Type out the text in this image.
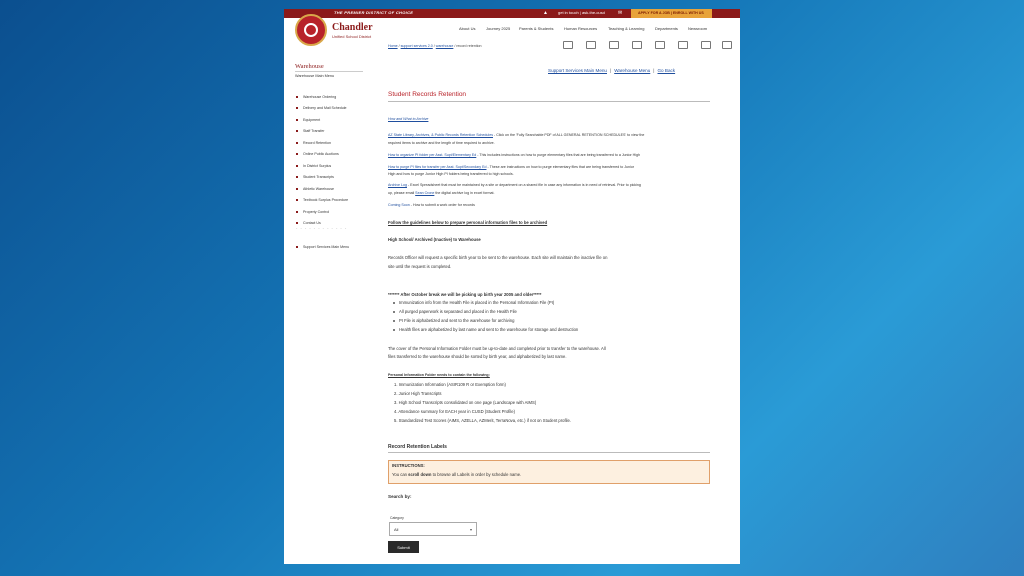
THE PREMIER DISTRICT OF CHOICE	▲	get in touch | ask-the-cusd	✉	APPLY FOR A JOB | ENROLL WITH US
Chandler
Unified School District
About Us	Journey 2025 Parents & Students	Human Resources	Teaching & Learning	Departments	Newsroom
Home / support services 2.0 / warehouse / record retention
Warehouse
Warehouse Main Menu
Warehouse Ordering
Delivery and Mail Schedule
Equipment
Staff Transfer
Record Retention
Online Public Auctions
In District Surplus
Student Transcripts
Athletic Warehouse
Textbook Surplus Procedure
Property Control
Contact Us
- - - - - - - - - - - -
Support Services Main Menu
Support Services Main Menu | Warehouse Menu | Go Back
Student Records Retention
How and What to Archive
AZ State Library, Archives, & Public Records Retention Schedules - Click on the 'Fully Searchable PDF of ALL GENERAL RETENTION SCHEDULES' to view the
required items to archive and the length of time required to archive.
How to organize PI folder per Asst. Supt/Elementary Ed - This includes instructions on how to purge elementary files that are being transferred to a Junior High
How to purge PI files for transfer per Asst. Supt/Secondary Ed - These are instructions on how to purge elementary files that are being transferred to Junior
High and how to purge Junior High PI folders being transferred to high schools.
Archive Log - Excel Spreadsheet that must be maintained by a site or department on a shared file in case any information is in need of retrieval. Prior to picking
up, please email Sean Crone the digital archive log in excel format.
Coming Soon - How to submit a work order for records
Follow the guidelines below to prepare personal information files to be archived
High School/ Archived (Inactive) to Warehouse
Records Officer will request a specific birth year to be sent to the warehouse. Each site will maintain the inactive file on
site until the request is completed.
******* After October break we will be picking up birth year 2005 and older*****
Immunization info from the Health File is placed in the Personal Information File (PI)
All purged paperwork is separated and placed in the Health File
PI File is alphabetized and sent to the warehouse for archiving
Health files are alphabetized by last name and sent to the warehouse for storage and destruction
The cover of the Personal Information Folder must be up-to-date and completed prior to transfer to the warehouse. All
files transferred to the warehouse should be sorted by birth year, and alphabetized by last name.
Personal Information Folder needs to contain the following:
1. Immunization Information (ASIR109 R or Exemption form)
2. Junior High Transcripts
3. High School Transcripts consolidated on one page (Landscape with AIMS)
4. Attendance summary for EACH year in CUSD (Student Profile)
5. Standardized Test Scores (AIMS, AZELLA, AZMerit, TerraNova, etc.) if not on Student profile.
Record Retention Labels
INSTRUCTIONS:
You can scroll down to browse all Labels in order by schedule name.
Search by:
Category
All	▾
Submit
